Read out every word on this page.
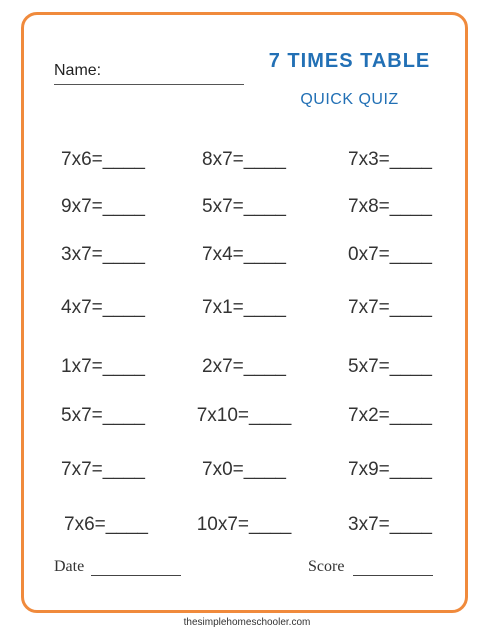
Name:	7 TIMES TABLE
QUICK QUIZ
7x6=____
9x7=____
3x7=____
4x7=____
1x7=____
5x7=____
7x7=____
7x6=____
8x7=____
5x7=____
7x4=____
7x1=____
2x7=____
7x10=____
7x0=____
10x7=____
7x3=____
7x8=____
0x7=____
7x7=____
5x7=____
7x2=____
7x9=____
3x7=____
Date	Score
thesimplehomeschooler.com
